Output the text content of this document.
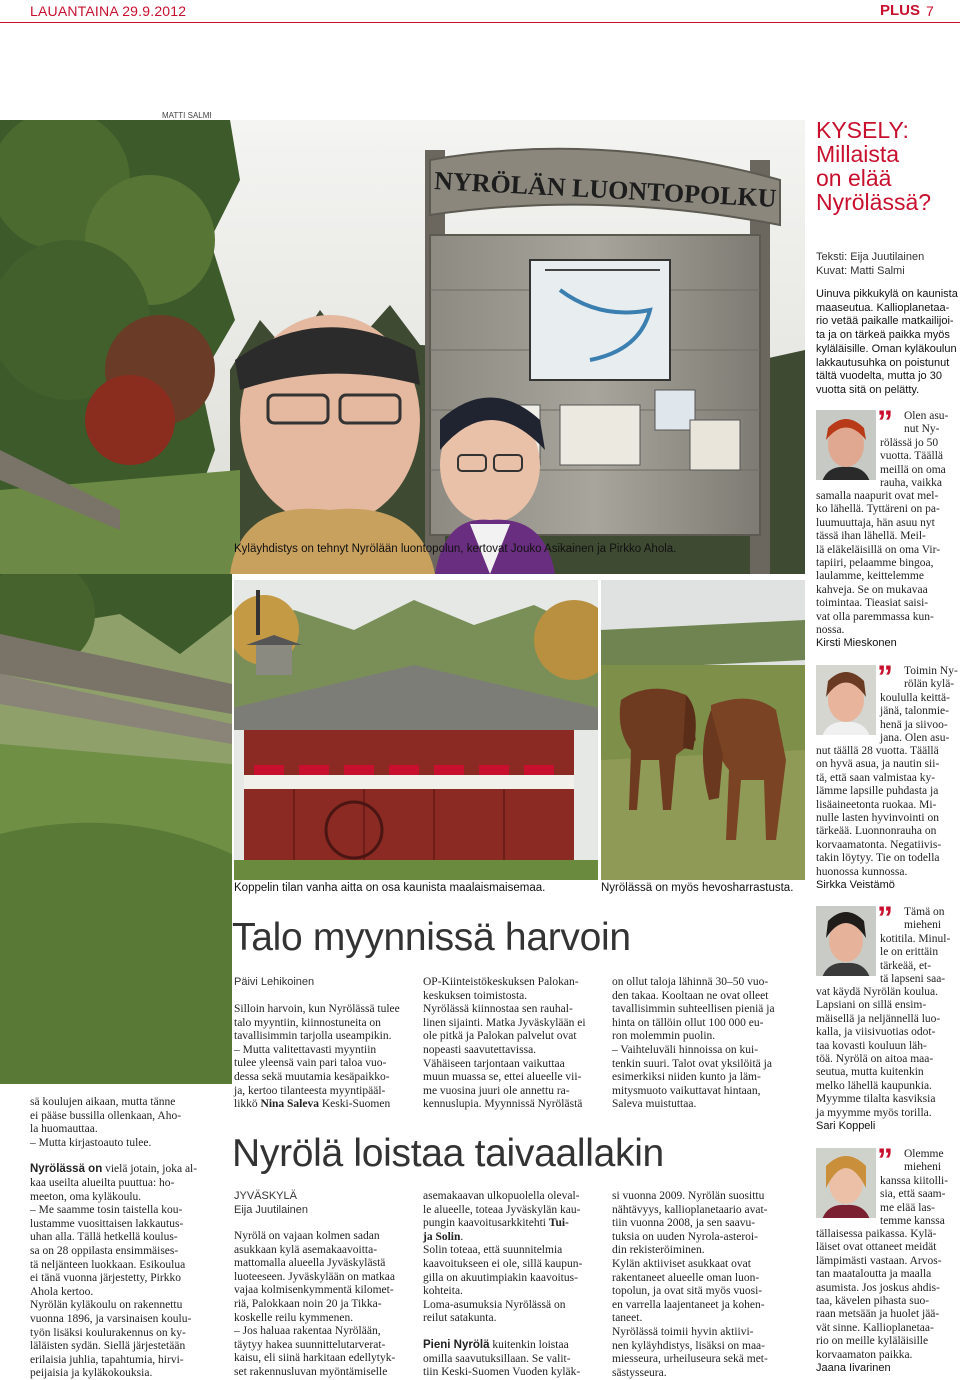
LAUANTAINA 29.9.2012	PLUS 7
NYRÖLÄN LUONTOPOLKU
MATTI SALMI
Kyläyhdistys on tehnyt Nyrölään luontopolun, kertovat Jouko Asikainen ja Pirkko Ahola.
Koppelin tilan vanha aitta on osa kaunista maalaismaisemaa.	Nyrölässä on myös hevosharrastusta.
KYSELY:
Millaista
on elää
Nyrölässä?
Teksti: Eija Juutilainen
Kuvat: Matti Salmi
Uinuva pikkukylä on kaunista
maaseutua. Kallioplanetaa-
rio vetää paikalle matkailijoi-
ta ja on tärkeä paikka myös
kyläläisille. Oman kyläkoulun
lakkautusuhka on poistunut
tältä vuodelta, mutta jo 30
vuotta sitä on pelätty.
” Olen asu-
nut Ny-
rölässä jo 50
vuotta. Täällä
meillä on oma
rauha, vaikka
samalla naapurit ovat mel-
ko lähellä. Tyttäreni on pa-
luumuuttaja, hän asuu nyt
tässä ihan lähellä. Meil-
lä eläkeläisillä on oma Vir-
tapiiri, pelaamme bingoa,
laulamme, keittelemme
kahveja. Se on mukavaa
toimintaa. Tieasiat saisi-
vat olla paremmassa kun-
nossa.
Kirsti Mieskonen
” Toimin Ny-
rölän kylä-
koululla keittä-
jänä, talonmie-
henä ja siivoo-
jana. Olen asu-
nut täällä 28 vuotta. Täällä
on hyvä asua, ja nautin sii-
tä, että saan valmistaa ky-
lämme lapsille puhdasta ja
lisäaineetonta ruokaa. Mi-
nulle lasten hyvinvointi on
tärkeää. Luonnonrauha on
korvaamatonta. Negatiivis-
takin löytyy. Tie on todella
huonossa kunnossa.
Sirkka Veistämö
” Tämä on
mieheni
kotitila. Minul-
le on erittäin
tärkeää, et-
tä lapseni saa-
vat käydä Nyrölän koulua.
Lapsiani on sillä ensim-
mäisellä ja neljännellä luo-
kalla, ja viisivuotias odot-
taa kovasti kouluun läh-
töä. Nyrölä on aitoa maa-
seutua, mutta kuitenkin
melko lähellä kaupunkia.
Myymme tilalta kasviksia
ja myymme myös torilla.
Sari Koppeli
” Olemme
mieheni
kanssa kiitolli-
sia, että saam-
me elää las-
temme kanssa
tällaisessa paikassa. Kylä-
läiset ovat ottaneet meidät
lämpimästi vastaan. Arvos-
tan maataloutta ja maalla
asumista. Jos joskus ahdis-
taa, kävelen pihasta suo-
raan metsään ja huolet jää-
vät sinne. Kallioplanetaa-
rio on meille kyläläisille
korvaamaton paikka.
Jaana Iivarinen
sä koulujen aikaan, mutta tänne
ei pääse bussilla ollenkaan, Aho-
la huomauttaa.
– Mutta kirjastoauto tulee.
Nyrölässä on vielä jotain, joka al-
kaa useilta alueilta puuttua: ho-
meeton, oma kyläkoulu.
– Me saamme tosin taistella kou-
lustamme vuosittaisen lakkautus-
uhan alla. Tällä hetkellä koulus-
sa on 28 oppilasta ensimmäises-
tä neljänteen luokkaan. Esikoulua
ei tänä vuonna järjestetty, Pirkko
Ahola kertoo.
Nyrölän kyläkoulu on rakennettu
vuonna 1896, ja varsinaisen koulu-
työn lisäksi koulurakennus on ky-
läläisten sydän. Siellä järjestetään
erilaisia juhlia, tapahtumia, hirvi-
peijaisia ja kyläkokouksia.
Talo myynnissä harvoin
Päivi Lehikoinen
Silloin harvoin, kun Nyrölässä tulee
talo myyntiin, kiinnostuneita on
tavallisimmin tarjolla useampikin.
– Mutta valitettavasti myyntiin
tulee yleensä vain pari taloa vuo-
dessa sekä muutamia kesäpaikko-
ja, kertoo tilanteesta myyntipääl-
likkö Nina Saleva Keski-Suomen
OP-Kiinteistökeskuksen Palokan-
keskuksen toimistosta.
Nyrölässä kiinnostaa sen rauhal-
linen sijainti. Matka Jyväskylään ei
ole pitkä ja Palokan palvelut ovat
nopeasti saavutettavissa.
Vähäiseen tarjontaan vaikuttaa
muun muassa se, ettei alueelle vii-
me vuosina juuri ole annettu ra-
kennuslupia. Myynnissä Nyrölästä
on ollut taloja lähinnä 30–50 vuo-
den takaa. Kooltaan ne ovat olleet
tavallisimmin suhteellisen pieniä ja
hinta on tällöin ollut 100 000 eu-
ron molemmin puolin.
– Vaihteluväli hinnoissa on kui-
tenkin suuri. Talot ovat yksilöitä ja
esimerkiksi niiden kunto ja läm-
mitysmuoto vaikuttavat hintaan,
Saleva muistuttaa.
Nyrölä loistaa taivaallakin
JYVÄSKYLÄ
Eija Juutilainen
Nyrölä on vajaan kolmen sadan
asukkaan kylä asemakaavoitta-
mattomalla alueella Jyväskylästä
luoteeseen. Jyväskylään on matkaa
vajaa kolmisenkymmentä kilomet-
riä, Palokkaan noin 20 ja Tikka-
koskelle reilu kymmenen.
– Jos haluaa rakentaa Nyrölään,
täytyy hakea suunnittelutarverat-
kaisu, eli siinä harkitaan edellytyk-
set rakennusluvan myöntämiselle
asemakaavan ulkopuolella oleval-
le alueelle, toteaa Jyväskylän kau-
pungin kaavoitusarkkitehti Tui-
ja Solin.
Solin toteaa, että suunnitelmia
kaavoitukseen ei ole, sillä kaupun-
gilla on akuutimpiakin kaavoitus-
kohteita.
Loma-asumuksia Nyrölässä on
reilut satakunta.
Pieni Nyrölä kuitenkin loistaa
omilla saavutuksillaan. Se valit-
tiin Keski-Suomen Vuoden kyläk-
si vuonna 2009. Nyrölän suosittu
nähtävyys, kallioplanetaario avat-
tiin vuonna 2008, ja sen saavu-
tuksia on uuden Nyrola-asteroi-
din rekisteröiminen.
Kylän aktiiviset asukkaat ovat
rakentaneet alueelle oman luon-
topolun, ja ovat sitä myös vuosi-
en varrella laajentaneet ja kohen-
taneet.
Nyrölässä toimii hyvin aktiivi-
nen kyläyhdistys, lisäksi on maa-
miesseura, urheiluseura sekä met-
sästysseura.
